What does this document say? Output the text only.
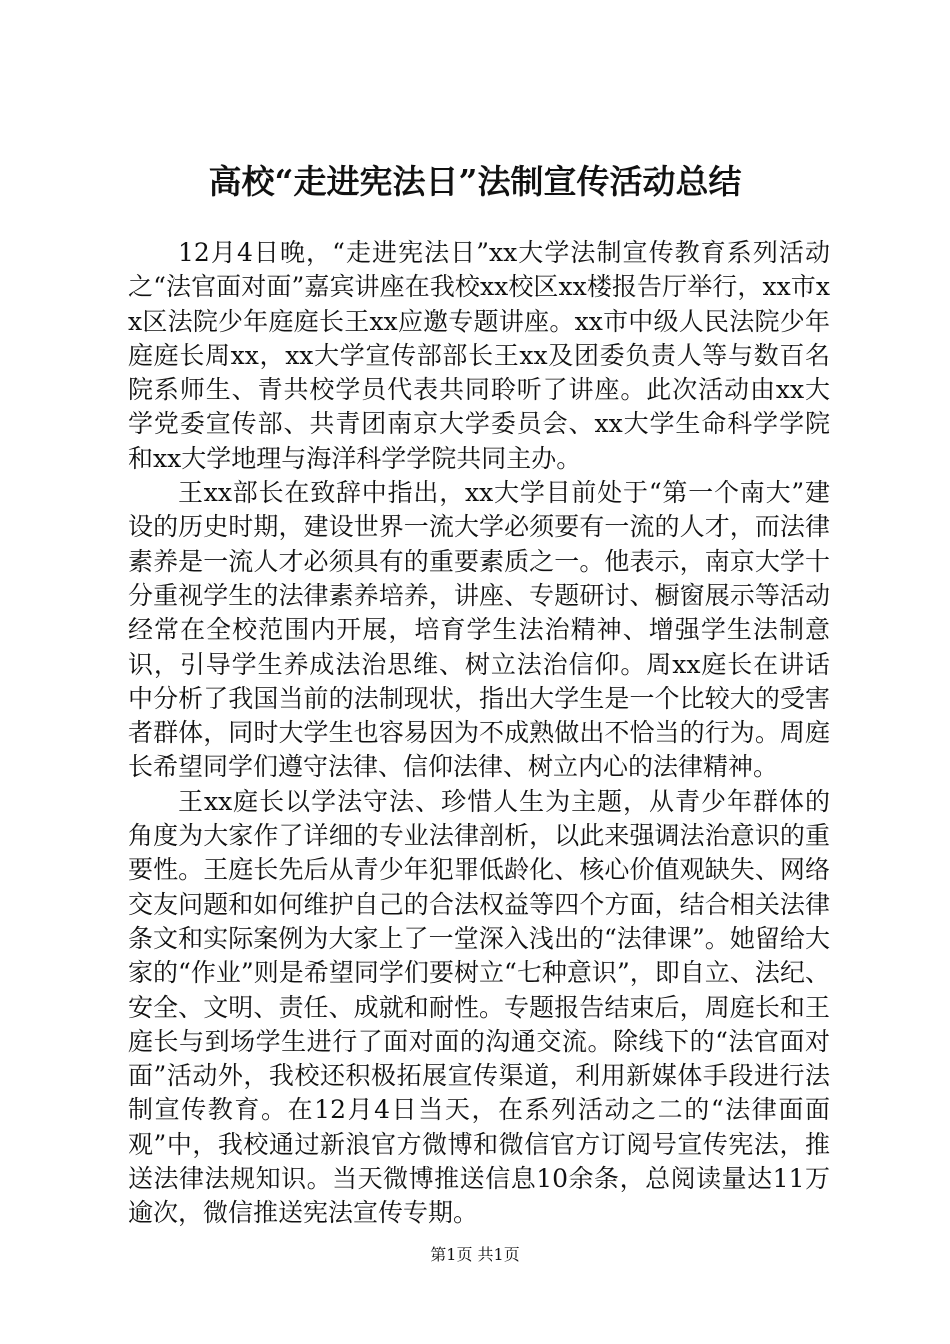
高校“走进宪法日”法制宣传活动总结

12月4日晚，“走进宪法日”xx大学法制宣传教育系列活动之“法官面对面”嘉宾讲座在我校xx校区xx楼报告厅举行，xx市xx区法院少年庭庭长王xx应邀专题讲座。xx市中级人民法院少年庭庭长周xx，xx大学宣传部部长王xx及团委负责人等与数百名院系师生、青共校学员代表共同聆听了讲座。此次活动由xx大学党委宣传部、共青团南京大学委员会、xx大学生命科学学院和xx大学地理与海洋科学学院共同主办。

王xx部长在致辞中指出，xx大学目前处于“第一个南大”建设的历史时期，建设世界一流大学必须要有一流的人才，而法律素养是一流人才必须具有的重要素质之一。他表示，南京大学十分重视学生的法律素养培养，讲座、专题研讨、橱窗展示等活动经常在全校范围内开展，培育学生法治精神、增强学生法制意识，引导学生养成法治思维、树立法治信仰。周xx庭长在讲话中分析了我国当前的法制现状，指出大学生是一个比较大的受害者群体，同时大学生也容易因为不成熟做出不恰当的行为。周庭长希望同学们遵守法律、信仰法律、树立内心的法律精神。

王xx庭长以学法守法、珍惜人生为主题，从青少年群体的角度为大家作了详细的专业法律剖析，以此来强调法治意识的重要性。王庭长先后从青少年犯罪低龄化、核心价值观缺失、网络交友问题和如何维护自己的合法权益等四个方面，结合相关法律条文和实际案例为大家上了一堂深入浅出的“法律课”。她留给大家的“作业”则是希望同学们要树立“七种意识”，即自立、法纪、安全、文明、责任、成就和耐性。专题报告结束后，周庭长和王庭长与到场学生进行了面对面的沟通交流。除线下的“法官面对面”活动外，我校还积极拓展宣传渠道，利用新媒体手段进行法制宣传教育。在12月4日当天，在系列活动之二的“法律面面观”中，我校通过新浪官方微博和微信官方订阅号宣传宪法，推送法律法规知识。当天微博推送信息10余条，总阅读量达11万逾次，微信推送宪法宣传专期。

第1页 共1页
